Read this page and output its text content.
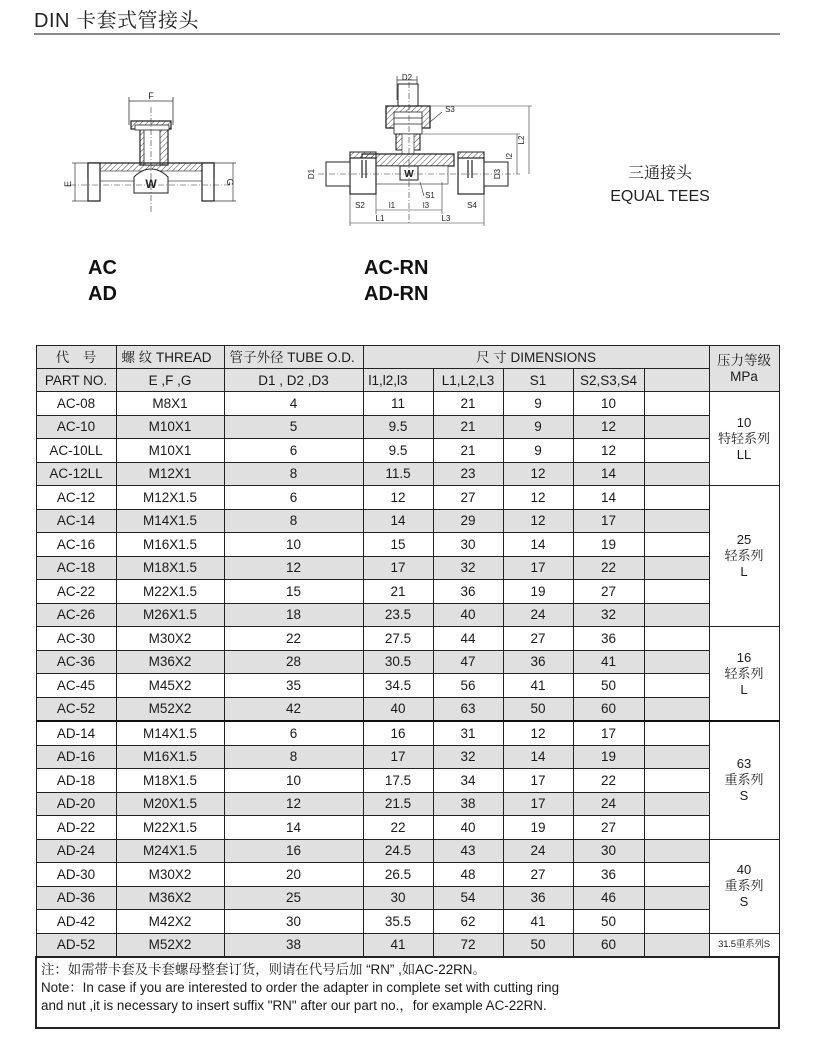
DIN 卡套式管接头
F
W
E	G
D2
W
S3
L2
l2
D1	D3
S1
S2	S4
l1	l3
L1	L3
AC
AD
AC-RN
AD-RN
三通接头
EQUAL TEES
代　号	螺 纹 THREAD	管子外径 TUBE O.D.	尺 寸 DIMENSIONS					压力等级
MPa

PART NO.	E ,F ,G	D1 , D2 ,D3	l1,l2,l3	L1,L2,L3	S1	S2,S3,S4		
AC-08	M8X1	4	11	21	9	10		10
特轻系列
LL

AC-10	M10X1	5	9.5	21	9	12		
AC-10LL	M10X1	6	9.5	21	9	12		
AC-12LL	M12X1	8	11.5	23	12	14		
AC-12	M12X1.5	6	12	27	12	14		25
轻系列
L

AC-14	M14X1.5	8	14	29	12	17		
AC-16	M16X1.5	10	15	30	14	19		
AC-18	M18X1.5	12	17	32	17	22		
AC-22	M22X1.5	15	21	36	19	27		
AC-26	M26X1.5	18	23.5	40	24	32		
AC-30	M30X2	22	27.5	44	27	36		16
轻系列
L

AC-36	M36X2	28	30.5	47	36	41		
AC-45	M45X2	35	34.5	56	41	50		
AC-52	M52X2	42	40	63	50	60		
AD-14	M14X1.5	6	16	31	12	17		63
重系列
S

AD-16	M16X1.5	8	17	32	14	19		
AD-18	M18X1.5	10	17.5	34	17	22		
AD-20	M20X1.5	12	21.5	38	17	24		
AD-22	M22X1.5	14	22	40	19	27		
AD-24	M24X1.5	16	24.5	43	24	30		40
重系列
S

AD-30	M30X2	20	26.5	48	27	36		
AD-36	M36X2	25	30	54	36	46		
AD-42	M42X2	30	35.5	62	41	50		
AD-52	M52X2	38	41	72	50	60		31.5重系列S

注：如需带卡套及卡套螺母整套订货，则请在代号后加 “RN” ,如AC-22RN。
Note：In case if you are interested to order the adapter in complete set with cutting ring
and nut ,it is necessary to insert suffix "RN" after our part no.，for example AC-22RN.								
